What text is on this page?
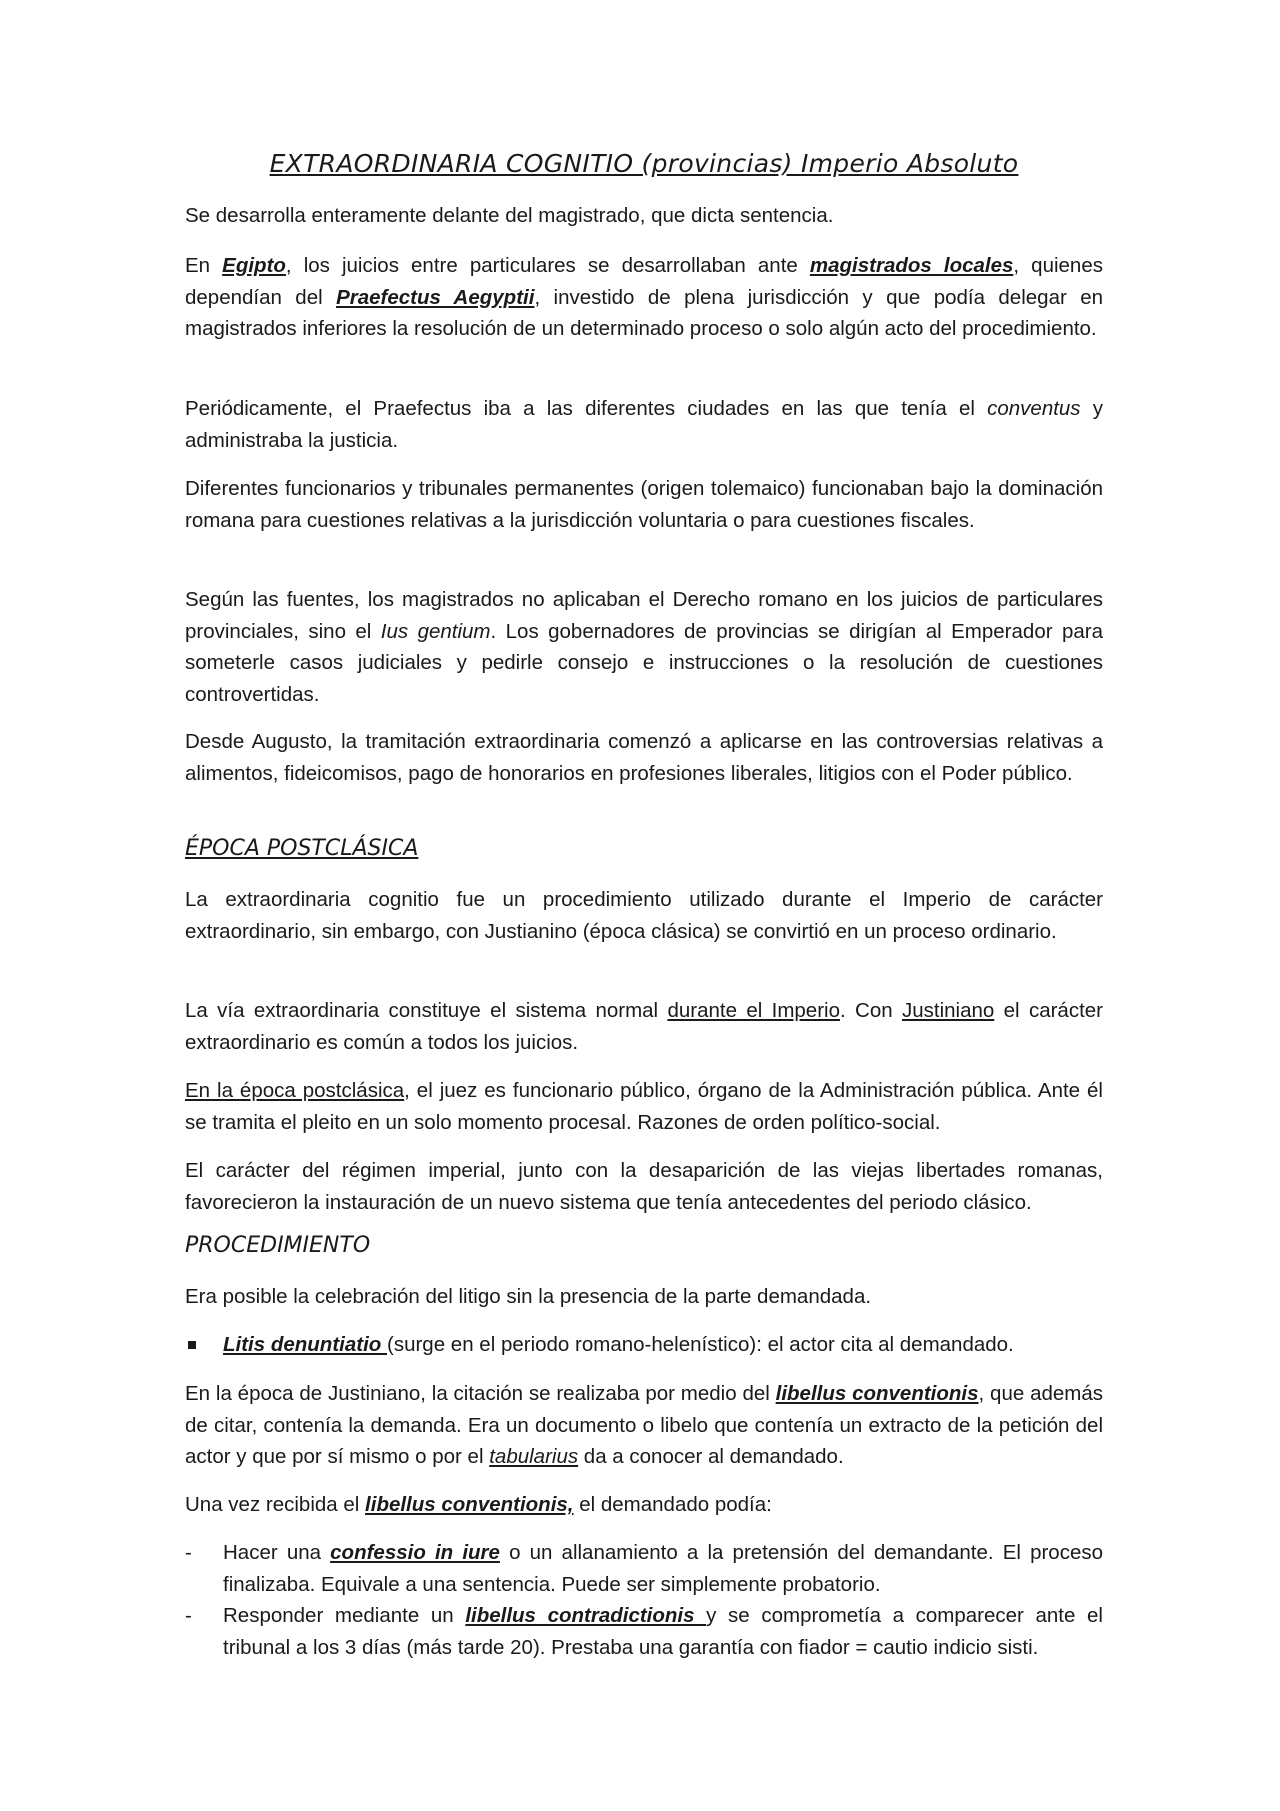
EXTRAORDINARIA COGNITIO (provincias) Imperio Absoluto

Se desarrolla enteramente delante del magistrado, que dicta sentencia.

En Egipto, los juicios entre particulares se desarrollaban ante magistrados locales, quienes dependían del Praefectus Aegyptii, investido de plena jurisdicción y que podía delegar en magistrados inferiores la resolución de un determinado proceso o solo algún acto del procedimiento.

Periódicamente, el Praefectus iba a las diferentes ciudades en las que tenía el conventus y administraba la justicia.

Diferentes funcionarios y tribunales permanentes (origen tolemaico) funcionaban bajo la dominación romana para cuestiones relativas a la jurisdicción voluntaria o para cuestiones fiscales.

Según las fuentes, los magistrados no aplicaban el Derecho romano en los juicios de particulares provinciales, sino el Ius gentium. Los gobernadores de provincias se dirigían al Emperador para someterle casos judiciales y pedirle consejo e instrucciones o la resolución de cuestiones controvertidas.

Desde Augusto, la tramitación extraordinaria comenzó a aplicarse en las controversias relativas a alimentos, fideicomisos, pago de honorarios en profesiones liberales, litigios con el Poder público.

ÉPOCA POSTCLÁSICA

La extraordinaria cognitio fue un procedimiento utilizado durante el Imperio de carácter extraordinario, sin embargo, con Justianino (época clásica) se convirtió en un proceso ordinario.

La vía extraordinaria constituye el sistema normal durante el Imperio. Con Justiniano el carácter extraordinario es común a todos los juicios.

En la época postclásica, el juez es funcionario público, órgano de la Administración pública. Ante él se tramita el pleito en un solo momento procesal. Razones de orden político-social.

El carácter del régimen imperial, junto con la desaparición de las viejas libertades romanas, favorecieron la instauración de un nuevo sistema que tenía antecedentes del periodo clásico.

PROCEDIMIENTO

Era posible la celebración del litigo sin la presencia de la parte demandada.

Litis denuntiatio (surge en el periodo romano-helenístico): el actor cita al demandado.

En la época de Justiniano, la citación se realizaba por medio del libellus conventionis, que además de citar, contenía la demanda. Era un documento o libelo que contenía un extracto de la petición del actor y que por sí mismo o por el tabularius da a conocer al demandado.

Una vez recibida el libellus conventionis, el demandado podía:

-	Hacer una confessio in iure o un allanamiento a la pretensión del demandante. El proceso finalizaba. Equivale a una sentencia. Puede ser simplemente probatorio.
-	Responder mediante un libellus contradictionis y se comprometía a comparecer ante el tribunal a los 3 días (más tarde 20). Prestaba una garantía con fiador = cautio indicio sisti.
